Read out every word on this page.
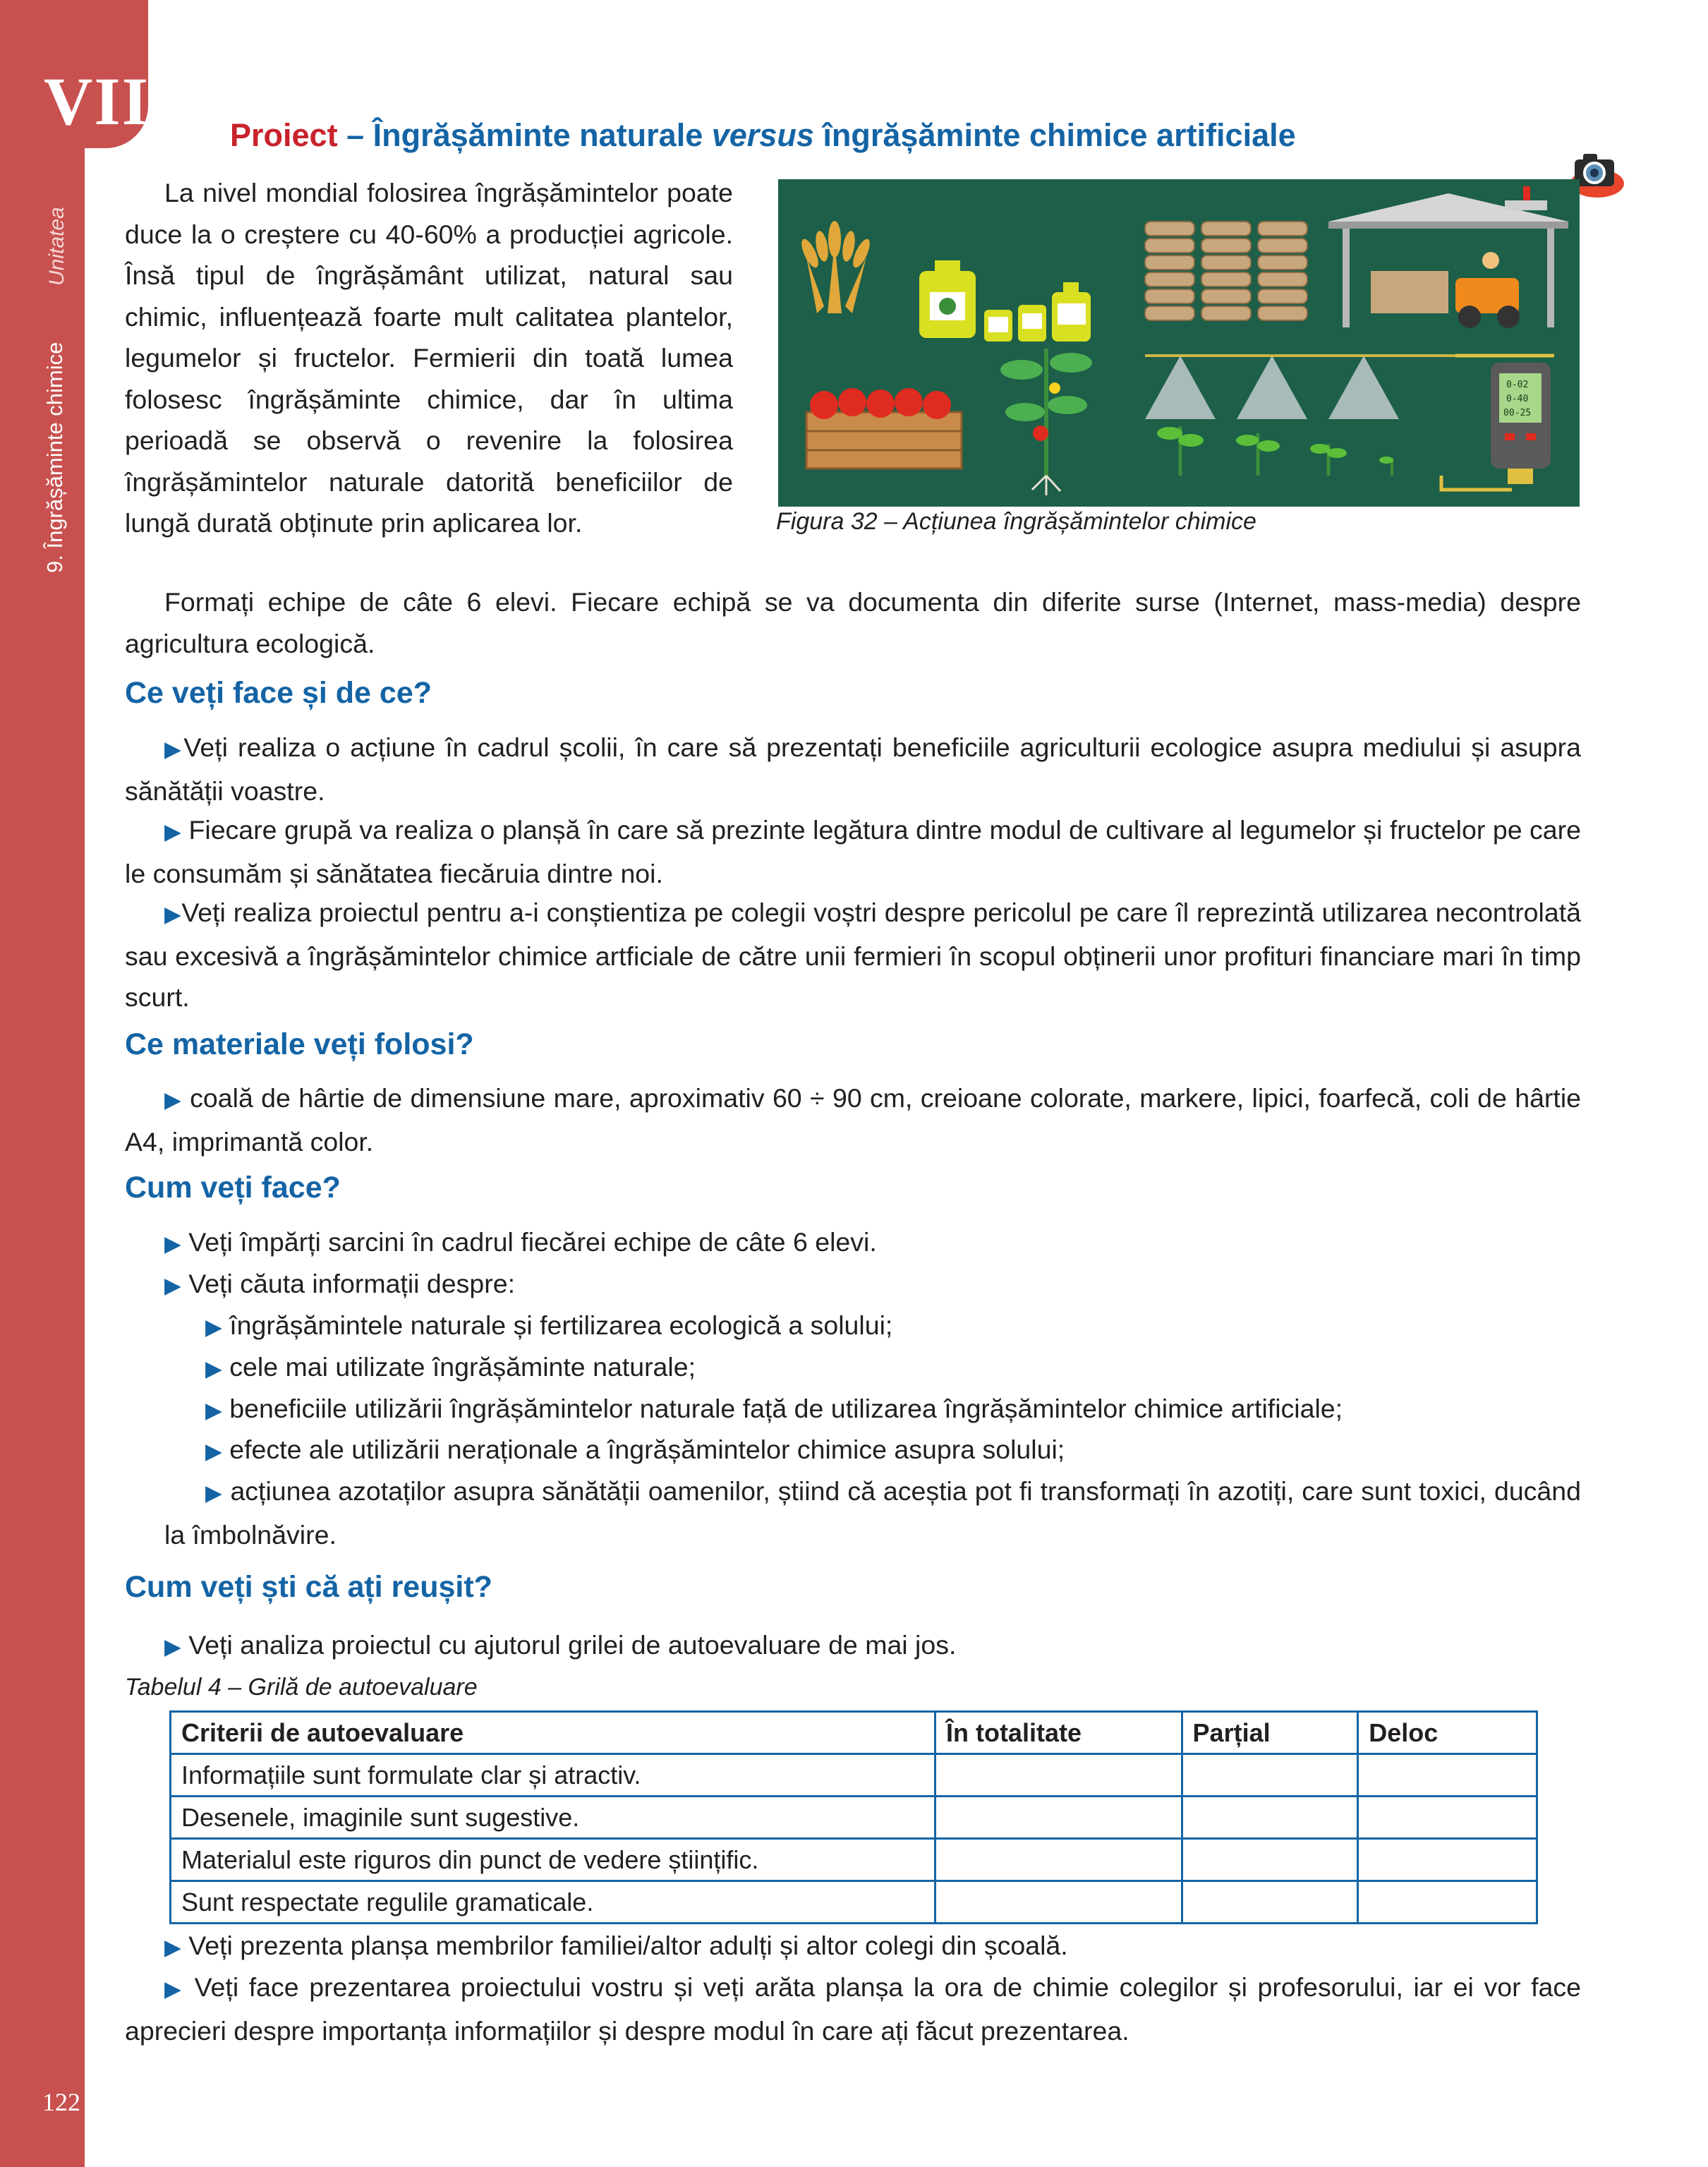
VII
Unitatea
9. Îngrășăminte chimice
122
Proiect – Îngrășăminte naturale versus îngrășăminte chimice artificiale

La nivel mondial folosirea îngrășămintelor poate duce la o creștere cu 40-60% a producției agricole. Însă tipul de îngrășământ utilizat, natural sau chimic, influențează foarte mult calitatea plantelor, legumelor și fructelor. Fermierii din toată lumea folosesc îngrășăminte chimice, dar în ultima perioadă se observă o revenire la folosirea îngrășămintelor naturale datorită beneficiilor de lungă durată obținute prin aplicarea lor.

0-02
0-40
00-25
Figura 32 – Acțiunea îngrășămintelor chimice

Formați echipe de câte 6 elevi. Fiecare echipă se va documenta din diferite surse (Internet, mass-media) despre agricultura ecologică.

Ce veți face și de ce?

▶Veți realiza o acțiune în cadrul școlii, în care să prezentați beneficiile agriculturii ecologice asupra mediului și asupra sănătății voastre.

▶ Fiecare grupă va realiza o planșă în care să prezinte legătura dintre modul de cultivare al legumelor și fructelor pe care le consumăm și sănătatea fiecăruia dintre noi.

▶Veți realiza proiectul pentru a-i conștientiza pe colegii voștri despre pericolul pe care îl reprezintă utilizarea necontrolată sau excesivă a îngrășămintelor chimice artficiale de către unii fermieri în scopul obținerii unor profituri financiare mari în timp scurt.

Ce materiale veți folosi?

▶ coală de hârtie de dimensiune mare, aproximativ 60 ÷ 90 cm, creioane colorate, markere, lipici, foarfecă, coli de hârtie A4, imprimantă color.

Cum veți face?

▶ Veți împărți sarcini în cadrul fiecărei echipe de câte 6 elevi.

▶ Veți căuta informații despre:

▶ îngrășămintele naturale și fertilizarea ecologică a solului;

▶ cele mai utilizate îngrășăminte naturale;

▶ beneficiile utilizării îngrășămintelor naturale față de utilizarea îngrășămintelor chimice artificiale;

▶ efecte ale utilizării neraționale a îngrășămintelor chimice asupra solului;

▶ acțiunea azotaților asupra sănătății oamenilor, știind că aceștia pot fi transformați în azotiți, care sunt toxici, ducând la îmbolnăvire.

Cum veți ști că ați reușit?

▶ Veți analiza proiectul cu ajutorul grilei de autoevaluare de mai jos.

Tabelul 4 – Grilă de autoevaluare
Criterii de autoevaluare	În totalitate	Parțial	Deloc
Informațiile sunt formulate clar și atractiv.			
Desenele, imaginile sunt sugestive.			
Materialul este riguros din punct de vedere științific.			
Sunt respectate regulile gramaticale.			

▶ Veți prezenta planșa membrilor familiei/altor adulți și altor colegi din școală.

▶ Veți face prezentarea proiectului vostru și veți arăta planșa la ora de chimie colegilor și profesorului, iar ei vor face aprecieri despre importanța informațiilor și despre modul în care ați făcut prezentarea.
